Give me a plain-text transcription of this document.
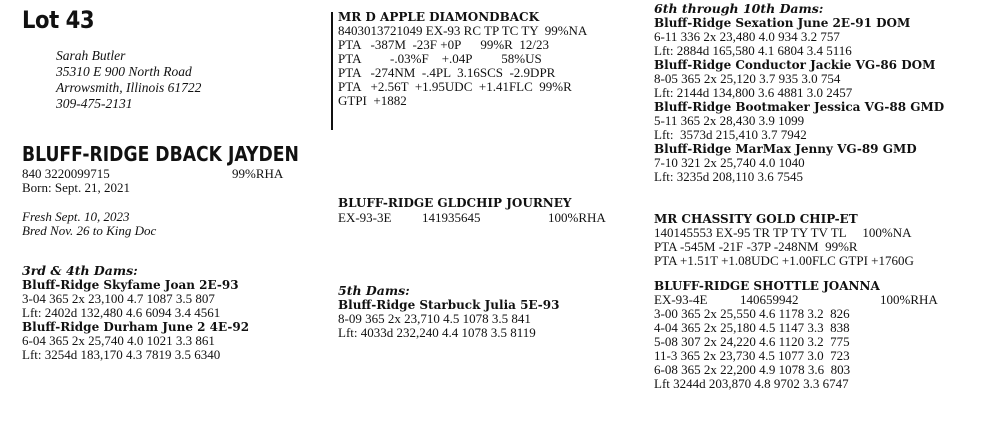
Lot 43
Sarah Butler
35310 E 900 North Road
Arrowsmith, Illinois 61722
309-475-2131
BLUFF-RIDGE DBACK JAYDEN
840 3220099715	99%RHA
Born: Sept. 21, 2021
Fresh Sept. 10, 2023
Bred Nov. 26 to King Doc
3rd & 4th Dams:
Bluff-Ridge Skyfame Joan 2E-93
3-04 365 2x 23,100 4.7 1087 3.5 807
Lft: 2402d 132,480 4.6 6094 3.4 4561
Bluff-Ridge Durham June 2 4E-92
6-04 365 2x 25,740 4.0 1021 3.3 861
Lft: 3254d 183,170 4.3 7819 3.5 6340
MR D APPLE DIAMONDBACK
8403013721049 EX-93 RC TP TC TY  99%NA
PTA   -387M  -23F +0P      99%R  12/23
PTA         -.03%F    +.04P         58%US
PTA   -274NM  -.4PL  3.16SCS  -2.9DPR
PTA   +2.56T  +1.95UDC  +1.41FLC  99%R
GTPI  +1882
BLUFF-RIDGE GLDCHIP JOURNEY
EX-93-3E 141935645	100%RHA
5th Dams:
Bluff-Ridge Starbuck Julia 5E-93
8-09 365 2x 23,710 4.5 1078 3.5 841
Lft: 4033d 232,240 4.4 1078 3.5 8119
6th through 10th Dams:
Bluff-Ridge Sexation June 2E-91 DOM
6-11 336 2x 23,480 4.0 934 3.2 757
Lft: 2884d 165,580 4.1 6804 3.4 5116
Bluff-Ridge Conductor Jackie VG-86 DOM
8-05 365 2x 25,120 3.7 935 3.0 754
Lft: 2144d 134,800 3.6 4881 3.0 2457
Bluff-Ridge Bootmaker Jessica VG-88 GMD
5-11 365 2x 28,430 3.9 1099
Lft:  3573d 215,410 3.7 7942
Bluff-Ridge MarMax Jenny VG-89 GMD
7-10 321 2x 25,740 4.0 1040
Lft: 3235d 208,110 3.6 7545
MR CHASSITY GOLD CHIP-ET
140145553 EX-95 TR TP TY TV TL     100%NA
PTA -545M -21F -37P -248NM  99%R
PTA +1.51T +1.08UDC +1.00FLC GTPI +1760G
BLUFF-RIDGE SHOTTLE JOANNA
EX-93-4E	140659942	100%RHA
3-00 365 2x 25,550 4.6 1178 3.2  826
4-04 365 2x 25,180 4.5 1147 3.3  838
5-08 307 2x 24,220 4.6 1120 3.2  775
11-3 365 2x 23,730 4.5 1077 3.0  723
6-08 365 2x 22,200 4.9 1078 3.6  803
Lft 3244d 203,870 4.8 9702 3.3 6747
